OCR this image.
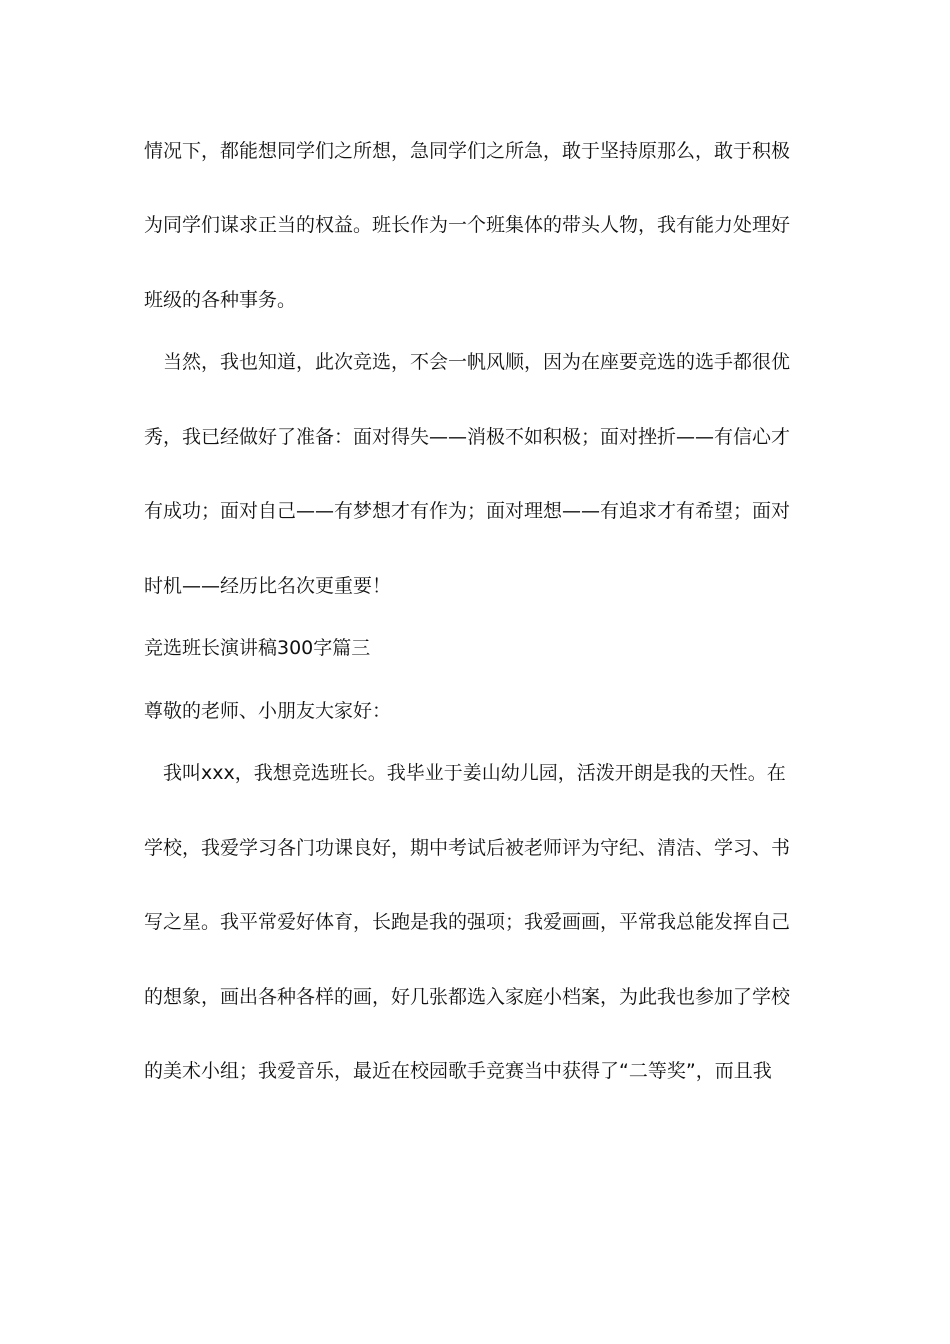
情况下，都能想同学们之所想，急同学们之所急，敢于坚持原那么，敢于积极
为同学们谋求正当的权益。班长作为一个班集体的带头人物，我有能力处理好
班级的各种事务。
　当然，我也知道，此次竞选，不会一帆风顺，因为在座要竞选的选手都很优
秀，我已经做好了准备：面对得失——消极不如积极；面对挫折——有信心才
有成功；面对自己——有梦想才有作为；面对理想——有追求才有希望；面对
时机——经历比名次更重要！
竞选班长演讲稿300字篇三
尊敬的老师、小朋友大家好：
　我叫xxx，我想竞选班长。我毕业于姜山幼儿园，活泼开朗是我的天性。在
学校，我爱学习各门功课良好，期中考试后被老师评为守纪、清洁、学习、书
写之星。我平常爱好体育，长跑是我的强项；我爱画画，平常我总能发挥自己
的想象，画出各种各样的画，好几张都选入家庭小档案，为此我也参加了学校
的美术小组；我爱音乐，最近在校园歌手竞赛当中获得了“二等奖”，而且我
